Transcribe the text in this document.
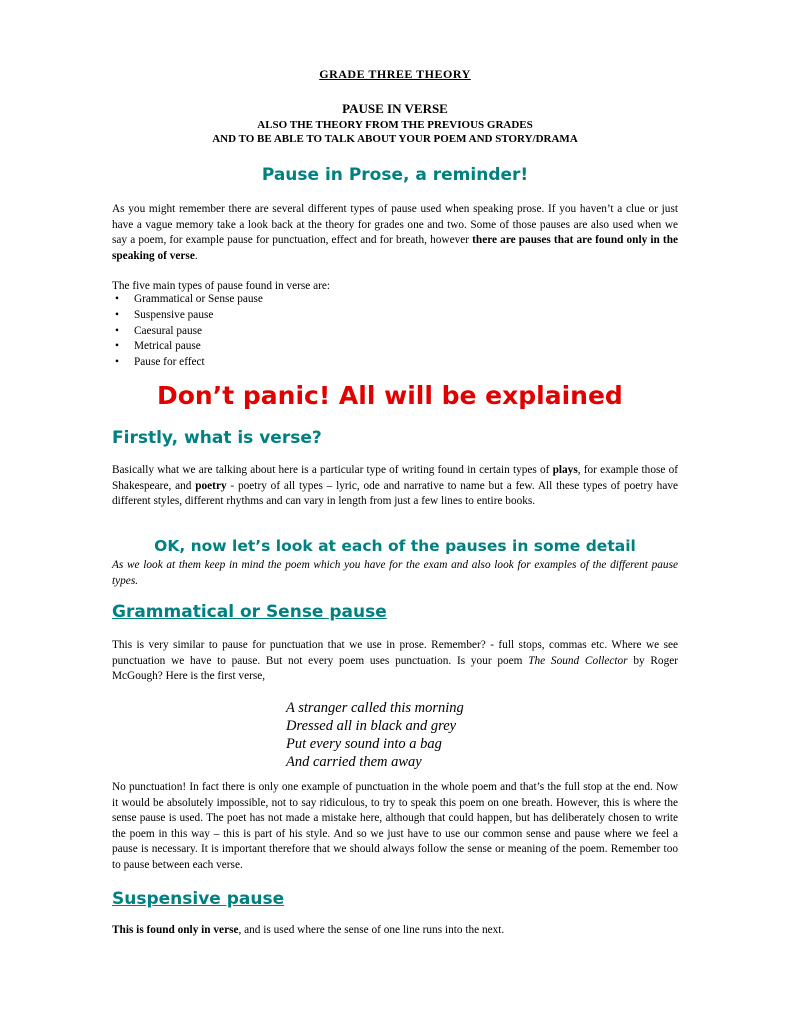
GRADE THREE THEORY
PAUSE IN VERSE
ALSO THE THEORY FROM THE PREVIOUS GRADES
AND TO BE ABLE TO TALK ABOUT YOUR POEM AND STORY/DRAMA
Pause in Prose, a reminder!
As you might remember there are several different types of pause used when speaking prose. If you haven’t a clue or just have a vague memory take a look back at the theory for grades one and two. Some of those pauses are also used when we say a poem, for example pause for punctuation, effect and for breath, however there are pauses that are found only in the speaking of verse.
The five main types of pause found in verse are:
• Grammatical or Sense pause
• Suspensive pause
• Caesural pause
• Metrical pause
• Pause for effect
Don’t panic! All will be explained
Firstly, what is verse?
Basically what we are talking about here is a particular type of writing found in certain types of plays, for example those of Shakespeare, and poetry - poetry of all types – lyric, ode and narrative to name but a few. All these types of poetry have different styles, different rhythms and can vary in length from just a few lines to entire books.
OK, now let’s look at each of the pauses in some detail
As we look at them keep in mind the poem which you have for the exam and also look for examples of the different pause types.
Grammatical or Sense pause
This is very similar to pause for punctuation that we use in prose. Remember? - full stops, commas etc. Where we see punctuation we have to pause. But not every poem uses punctuation. Is your poem The Sound Collector by Roger McGough? Here is the first verse,
A stranger called this morning
Dressed all in black and grey
Put every sound into a bag
And carried them away
No punctuation! In fact there is only one example of punctuation in the whole poem and that’s the full stop at the end. Now it would be absolutely impossible, not to say ridiculous, to try to speak this poem on one breath. However, this is where the sense pause is used. The poet has not made a mistake here, although that could happen, but has deliberately chosen to write the poem in this way – this is part of his style. And so we just have to use our common sense and pause where we feel a pause is necessary. It is important therefore that we should always follow the sense or meaning of the poem. Remember too to pause between each verse.
Suspensive pause
This is found only in verse, and is used where the sense of one line runs into the next.
